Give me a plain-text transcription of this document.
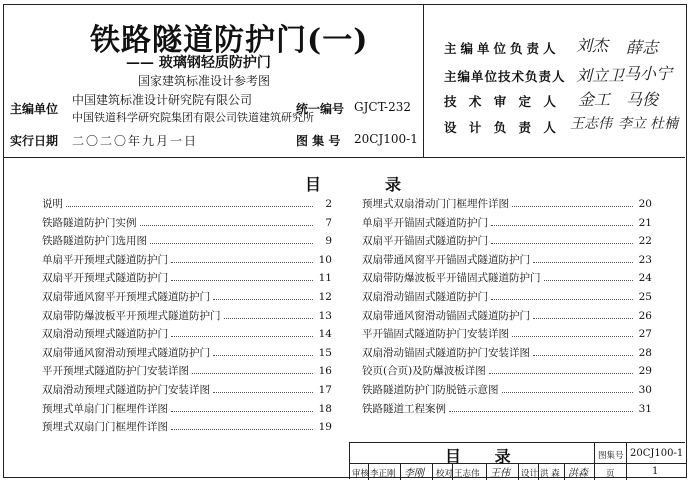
铁路隧道防护门(一)
—— 玻璃钢轻质防护门
国家建筑标准设计参考图
主编单位
中国建筑标准设计研究院有限公司
中国铁道科学研究院集团有限公司铁道建筑研究所
实行日期 二〇二〇年九月一日
统一编号 GJCT-232
图 集 号 20CJ100-1
主编单位负责人 刘杰 薛志
主编单位技术负责人 刘立卫 马小宁
技 术 审 定 人 金工 马俊
设 计 负 责 人 王志伟 李立 杜楠
目	录
说明	2
铁路隧道防护门实例	7
铁路隧道防护门选用图	9
单扇平开预埋式隧道防护门	10
双扇平开预埋式隧道防护门	11
双扇带通风窗平开预埋式隧道防护门	12
双扇带防爆波板平开预埋式隧道防护门	13
双扇滑动预埋式隧道防护门	14
双扇带通风窗滑动预埋式隧道防护门	15
平开预埋式隧道防护门安装详图	16
双扇滑动预埋式隧道防护门安装详图	17
预埋式单扇门门框埋件详图	18
预埋式双扇门门框埋件详图	19
预埋式双扇滑动门门框埋件详图	20
单扇平开锚固式隧道防护门	21
双扇平开锚固式隧道防护门	22
双扇带通风窗平开锚固式隧道防护门	23
双扇带防爆波板平开锚固式隧道防护门	24
双扇滑动锚固式隧道防护门	25
双扇带通风窗滑动锚固式隧道防护门	26
平开锚固式隧道防护门安装详图	27
双扇滑动锚固式隧道防护门安装详图	28
铰页(合页)及防爆波板详图	29
铁路隧道防护门防脱链示意图	30
铁路隧道工程案例	31
目 录	图集号 20CJ100-1
审核 李正刚 李刚 校对 王志伟 王伟 设计 洪 森 洪森 页	1
